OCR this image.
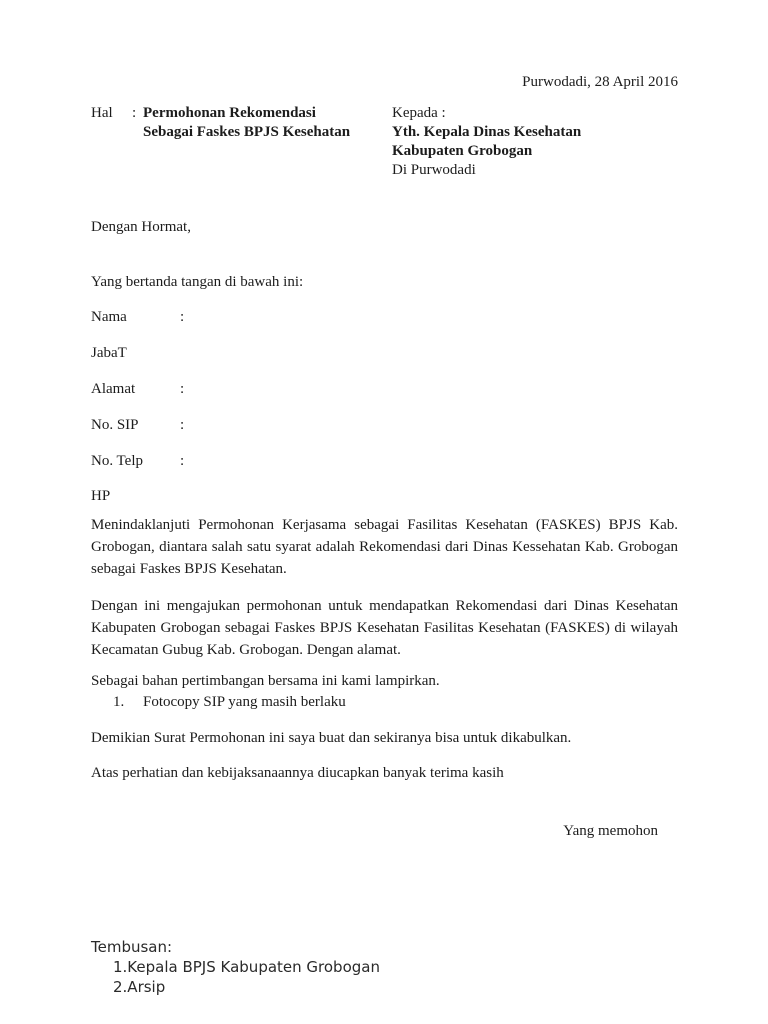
Purwodadi, 28 April 2016
Hal	: Permohonan Rekomendasi
Sebagai Faskes BPJS Kesehatan
Kepada :
Yth. Kepala Dinas Kesehatan
Kabupaten Grobogan
Di Purwodadi
Dengan Hormat,
Yang bertanda tangan di bawah ini:
Nama	:
JabaT
Alamat	:
No. SIP	:
No. Telp :
HP
Menindaklanjuti Permohonan Kerjasama sebagai Fasilitas Kesehatan (FASKES) BPJS Kab. Grobogan, diantara salah satu syarat adalah Rekomendasi dari Dinas Kessehatan Kab. Grobogan sebagai Faskes BPJS Kesehatan.
Dengan ini mengajukan permohonan untuk mendapatkan Rekomendasi dari Dinas Kesehatan Kabupaten Grobogan sebagai Faskes BPJS Kesehatan Fasilitas Kesehatan (FASKES) di wilayah Kecamatan Gubug Kab. Grobogan. Dengan alamat.
Sebagai bahan pertimbangan bersama ini kami lampirkan.
1. Fotocopy SIP yang masih berlaku
Demikian Surat Permohonan ini saya buat dan sekiranya bisa untuk dikabulkan.
Atas perhatian dan kebijaksanaannya diucapkan banyak terima kasih
Yang memohon
Tembusan:
1.Kepala BPJS Kabupaten Grobogan
2.Arsip
